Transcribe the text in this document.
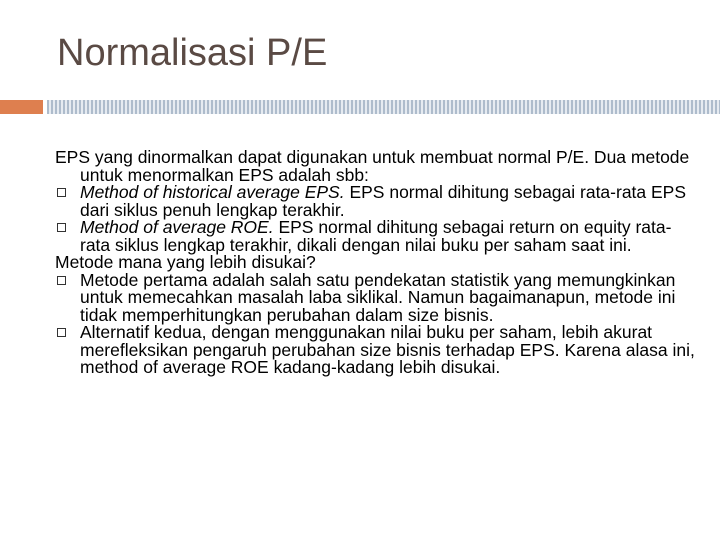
Normalisasi P/E

EPS yang dinormalkan dapat digunakan untuk membuat normal P/E. Dua metode untuk menormalkan EPS adalah sbb:

Method of historical average EPS. EPS normal dihitung sebagai rata-rata EPS dari siklus penuh lengkap terakhir.

Method of average ROE. EPS normal dihitung sebagai return on equity rata-rata siklus lengkap terakhir, dikali dengan nilai buku per saham saat ini.

Metode mana yang lebih disukai?

Metode pertama adalah salah satu pendekatan statistik yang memungkinkan untuk memecahkan masalah laba siklikal. Namun bagaimanapun, metode ini tidak memperhitungkan perubahan dalam size bisnis.

Alternatif kedua, dengan menggunakan nilai buku per saham, lebih akurat merefleksikan pengaruh perubahan size bisnis terhadap EPS. Karena alasa ini, method of average ROE kadang-kadang lebih disukai.
